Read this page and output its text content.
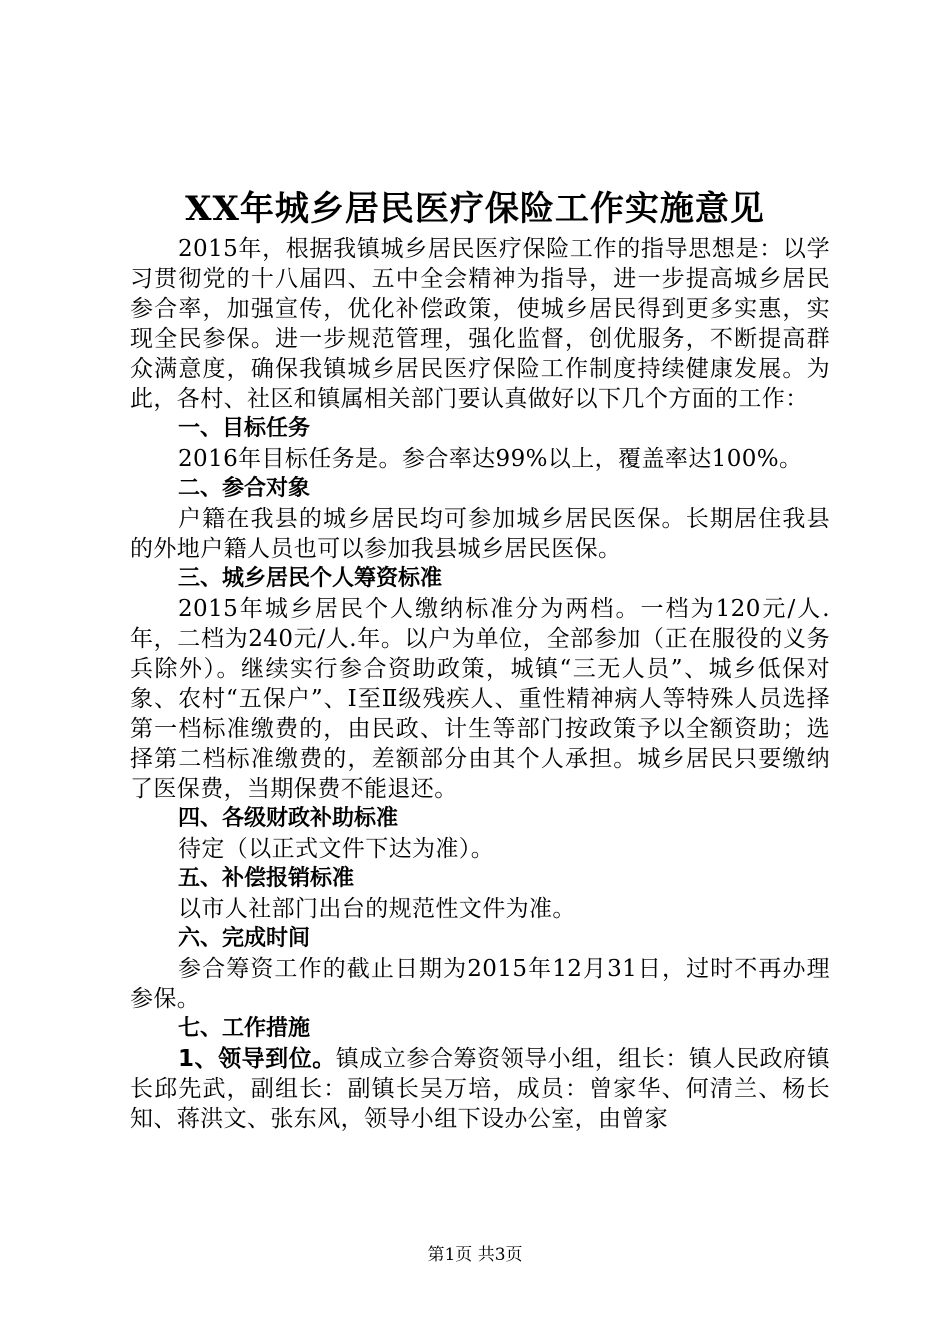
XX年城乡居民医疗保险工作实施意见

2015年，根据我镇城乡居民医疗保险工作的指导思想是：以学习贯彻党的十八届四、五中全会精神为指导，进一步提高城乡居民参合率，加强宣传，优化补偿政策，使城乡居民得到更多实惠，实现全民参保。进一步规范管理，强化监督，创优服务，不断提高群众满意度，确保我镇城乡居民医疗保险工作制度持续健康发展。为此，各村、社区和镇属相关部门要认真做好以下几个方面的工作：

一、目标任务

2016年目标任务是。参合率达99%以上，覆盖率达100%。

二、参合对象

户籍在我县的城乡居民均可参加城乡居民医保。长期居住我县的外地户籍人员也可以参加我县城乡居民医保。

三、城乡居民个人筹资标准

2015年城乡居民个人缴纳标准分为两档。一档为120元/人.年，二档为240元/人.年。以户为单位，全部参加（正在服役的义务兵除外）。继续实行参合资助政策，城镇“三无人员”、城乡低保对象、农村“五保户”、Ⅰ至Ⅱ级残疾人、重性精神病人等特殊人员选择第一档标准缴费的，由民政、计生等部门按政策予以全额资助；选择第二档标准缴费的，差额部分由其个人承担。城乡居民只要缴纳了医保费，当期保费不能退还。

四、各级财政补助标准

待定（以正式文件下达为准）。

五、补偿报销标准

以市人社部门出台的规范性文件为准。

六、完成时间

参合筹资工作的截止日期为2015年12月31日，过时不再办理参保。

七、工作措施

1、领导到位。镇成立参合筹资领导小组，组长：镇人民政府镇长邱先武，副组长：副镇长吴万培，成员：曾家华、何清兰、杨长知、蒋洪文、张东风，领导小组下设办公室，由曾家

第1页 共3页
